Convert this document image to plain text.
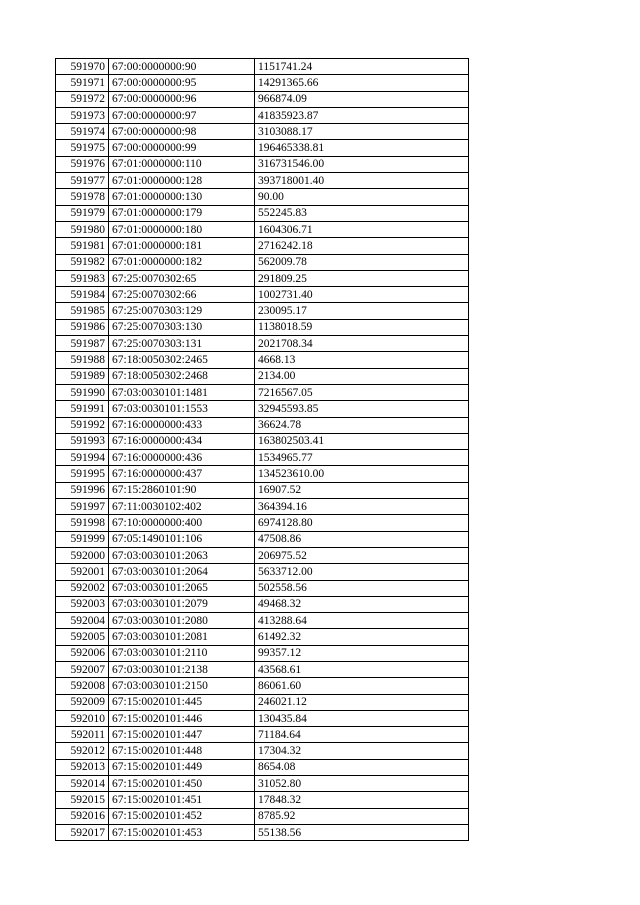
591970	67:00:0000000:90	1151741.24
591971	67:00:0000000:95	14291365.66
591972	67:00:0000000:96	966874.09
591973	67:00:0000000:97	41835923.87
591974	67:00:0000000:98	3103088.17
591975	67:00:0000000:99	196465338.81
591976	67:01:0000000:110	316731546.00
591977	67:01:0000000:128	393718001.40
591978	67:01:0000000:130	90.00
591979	67:01:0000000:179	552245.83
591980	67:01:0000000:180	1604306.71
591981	67:01:0000000:181	2716242.18
591982	67:01:0000000:182	562009.78
591983	67:25:0070302:65	291809.25
591984	67:25:0070302:66	1002731.40
591985	67:25:0070303:129	230095.17
591986	67:25:0070303:130	1138018.59
591987	67:25:0070303:131	2021708.34
591988	67:18:0050302:2465	4668.13
591989	67:18:0050302:2468	2134.00
591990	67:03:0030101:1481	7216567.05
591991	67:03:0030101:1553	32945593.85
591992	67:16:0000000:433	36624.78
591993	67:16:0000000:434	163802503.41
591994	67:16:0000000:436	1534965.77
591995	67:16:0000000:437	134523610.00
591996	67:15:2860101:90	16907.52
591997	67:11:0030102:402	364394.16
591998	67:10:0000000:400	6974128.80
591999	67:05:1490101:106	47508.86
592000	67:03:0030101:2063	206975.52
592001	67:03:0030101:2064	5633712.00
592002	67:03:0030101:2065	502558.56
592003	67:03:0030101:2079	49468.32
592004	67:03:0030101:2080	413288.64
592005	67:03:0030101:2081	61492.32
592006	67:03:0030101:2110	99357.12
592007	67:03:0030101:2138	43568.61
592008	67:03:0030101:2150	86061.60
592009	67:15:0020101:445	246021.12
592010	67:15:0020101:446	130435.84
592011	67:15:0020101:447	71184.64
592012	67:15:0020101:448	17304.32
592013	67:15:0020101:449	8654.08
592014	67:15:0020101:450	31052.80
592015	67:15:0020101:451	17848.32
592016	67:15:0020101:452	8785.92
592017	67:15:0020101:453	55138.56
